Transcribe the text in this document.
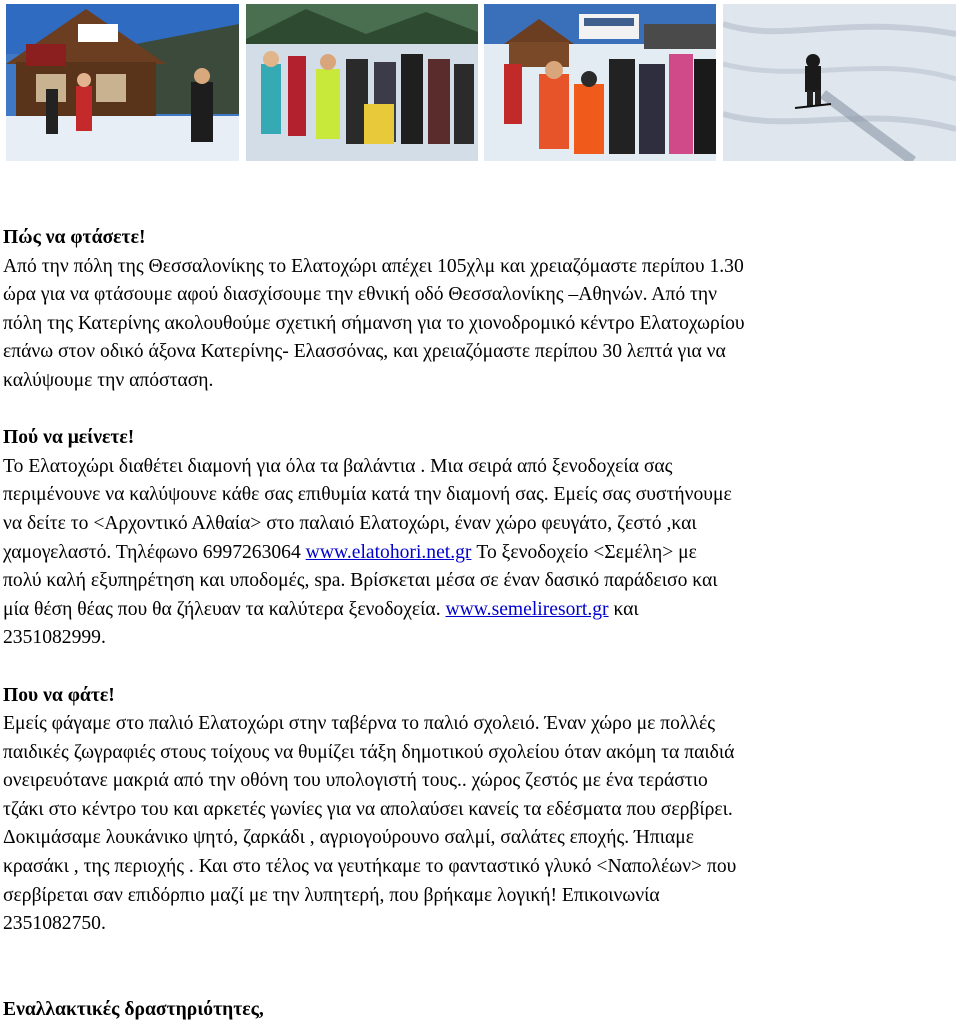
Πώς να φτάσετε!
Από την πόλη της Θεσσαλονίκης το Ελατοχώρι απέχει 105χλμ και χρειαζόμαστε περίπου 1.30
ώρα για να φτάσουμε αφού διασχίσουμε την εθνική οδό Θεσσαλονίκης –Αθηνών. Από την
πόλη της Κατερίνης ακολουθούμε σχετική σήμανση για το χιονοδρομικό κέντρο Ελατοχωρίου
επάνω στον οδικό άξονα Κατερίνης- Ελασσόνας, και χρειαζόμαστε περίπου 30 λεπτά για να
καλύψουμε την απόσταση.
Πού να μείνετε!
Το Ελατοχώρι διαθέτει διαμονή για όλα τα βαλάντια . Μια σειρά από ξενοδοχεία σας
περιμένουνε να καλύψουνε κάθε σας επιθυμία κατά την διαμονή σας. Εμείς σας συστήνουμε
να δείτε το <Αρχοντικό Αλθαία> στο παλαιό Ελατοχώρι, έναν χώρο φευγάτο, ζεστό ,και
χαμογελαστό. Τηλέφωνο 6997263064 www.elatohori.net.gr Το ξενοδοχείο <Σεμέλη> με
πολύ καλή εξυπηρέτηση και υποδομές, spa. Βρίσκεται μέσα σε έναν δασικό παράδεισο και
μία θέση θέας που θα ζήλευαν τα καλύτερα ξενοδοχεία. www.semeliresort.gr και
2351082999.
Που να φάτε!
Εμείς φάγαμε στο παλιό Ελατοχώρι στην ταβέρνα το παλιό σχολειό. Έναν χώρο με πολλές
παιδικές ζωγραφιές στους τοίχους να θυμίζει τάξη δημοτικού σχολείου όταν ακόμη τα παιδιά
ονειρευότανε μακριά από την οθόνη του υπολογιστή τους.. χώρος ζεστός με ένα τεράστιο
τζάκι στο κέντρο του και αρκετές γωνίες για να απολαύσει κανείς τα εδέσματα που σερβίρει.
Δοκιμάσαμε λουκάνικο ψητό, ζαρκάδι , αγριογούρουνο σαλμί, σαλάτες εποχής. Ήπιαμε
κρασάκι , της περιοχής . Και στο τέλος να γευτήκαμε το φανταστικό γλυκό <Ναπολέων> που
σερβίρεται σαν επιδόρπιο μαζί με την λυπητερή, που βρήκαμε λογική! Επικοινωνία
2351082750.
Εναλλακτικές δραστηριότητες,
